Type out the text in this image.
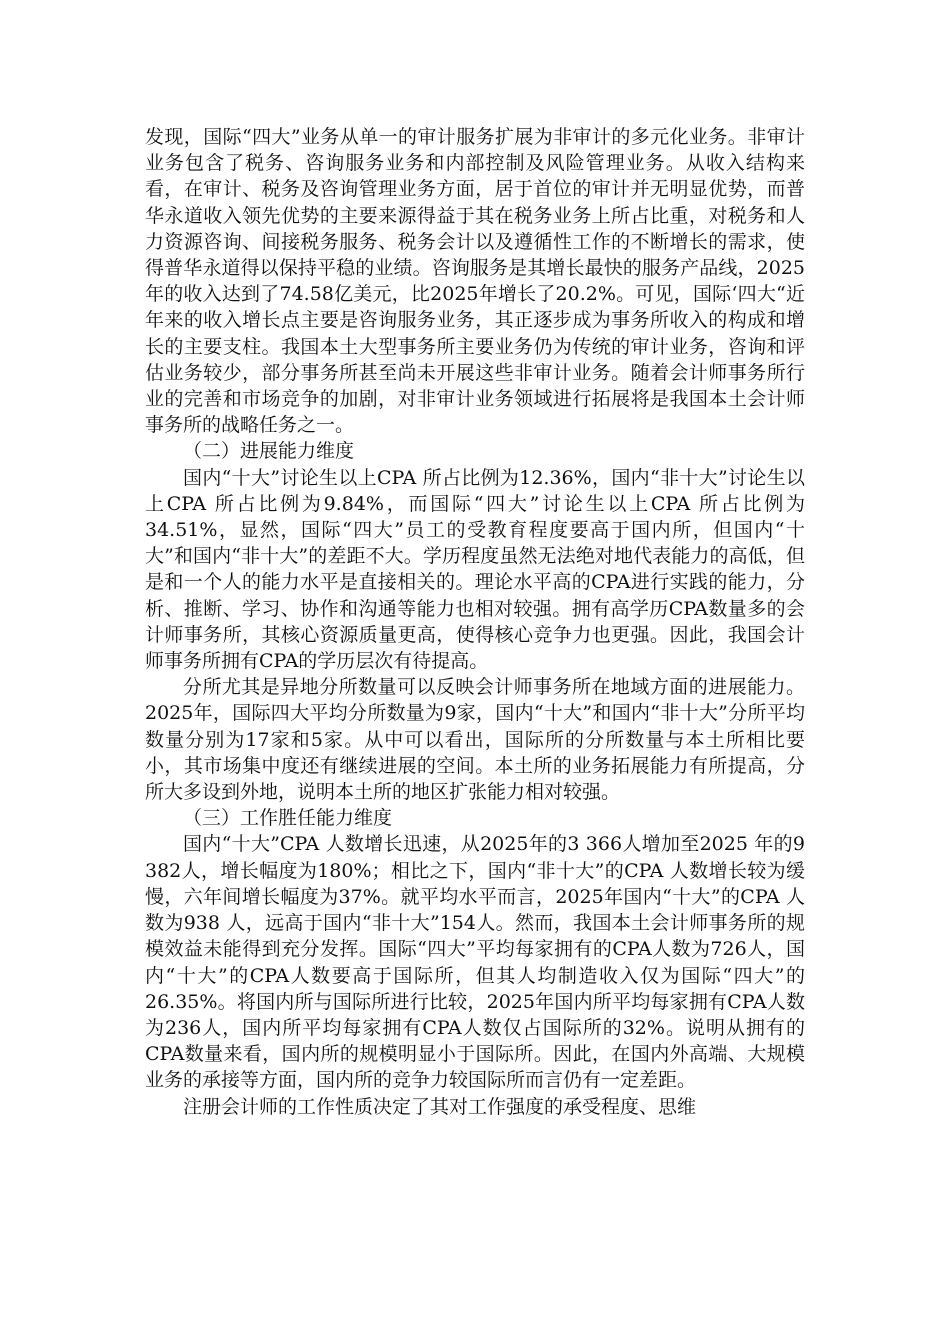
发现，国际“四大”业务从单一的审计服务扩展为非审计的多元化业务。非审计业务包含了税务、咨询服务业务和内部控制及风险管理业务。从收入结构来看，在审计、税务及咨询管理业务方面，居于首位的审计并无明显优势，而普华永道收入领先优势的主要来源得益于其在税务业务上所占比重，对税务和人力资源咨询、间接税务服务、税务会计以及遵循性工作的不断增长的需求，使得普华永道得以保持平稳的业绩。咨询服务是其增长最快的服务产品线，2025年的收入达到了74.58亿美元，比2025年增长了20.2%。可见，国际‘四大“近年来的收入增长点主要是咨询服务业务，其正逐步成为事务所收入的构成和增长的主要支柱。我国本土大型事务所主要业务仍为传统的审计业务，咨询和评估业务较少，部分事务所甚至尚未开展这些非审计业务。随着会计师事务所行业的完善和市场竞争的加剧，对非审计业务领域进行拓展将是我国本土会计师事务所的战略任务之一。

（二）进展能力维度

国内“十大”讨论生以上CPA 所占比例为12.36%，国内“非十大”讨论生以上CPA 所占比例为9.84%，而国际“四大”讨论生以上CPA 所占比例为34.51%，显然，国际“四大”员工的受教育程度要高于国内所，但国内“十大”和国内“非十大”的差距不大。学历程度虽然无法绝对地代表能力的高低，但是和一个人的能力水平是直接相关的。理论水平高的CPA进行实践的能力，分析、推断、学习、协作和沟通等能力也相对较强。拥有高学历CPA数量多的会计师事务所，其核心资源质量更高，使得核心竞争力也更强。因此，我国会计师事务所拥有CPA的学历层次有待提高。

分所尤其是异地分所数量可以反映会计师事务所在地域方面的进展能力。2025年，国际四大平均分所数量为9家，国内“十大”和国内“非十大”分所平均数量分别为17家和5家。从中可以看出，国际所的分所数量与本土所相比要小，其市场集中度还有继续进展的空间。本土所的业务拓展能力有所提高，分所大多设到外地，说明本土所的地区扩张能力相对较强。

（三）工作胜任能力维度

国内“十大”CPA 人数增长迅速，从2025年的3 366人增加至2025 年的9 382人，增长幅度为180%；相比之下，国内“非十大”的CPA 人数增长较为缓慢，六年间增长幅度为37%。就平均水平而言，2025年国内“十大”的CPA 人数为938 人，远高于国内“非十大”154人。然而，我国本土会计师事务所的规模效益未能得到充分发挥。国际“四大”平均每家拥有的CPA人数为726人，国内“十大”的CPA人数要高于国际所，但其人均制造收入仅为国际“四大”的26.35%。将国内所与国际所进行比较，2025年国内所平均每家拥有CPA人数为236人，国内所平均每家拥有CPA人数仅占国际所的32%。说明从拥有的CPA数量来看，国内所的规模明显小于国际所。因此，在国内外高端、大规模业务的承接等方面，国内所的竞争力较国际所而言仍有一定差距。

注册会计师的工作性质决定了其对工作强度的承受程度、思维
